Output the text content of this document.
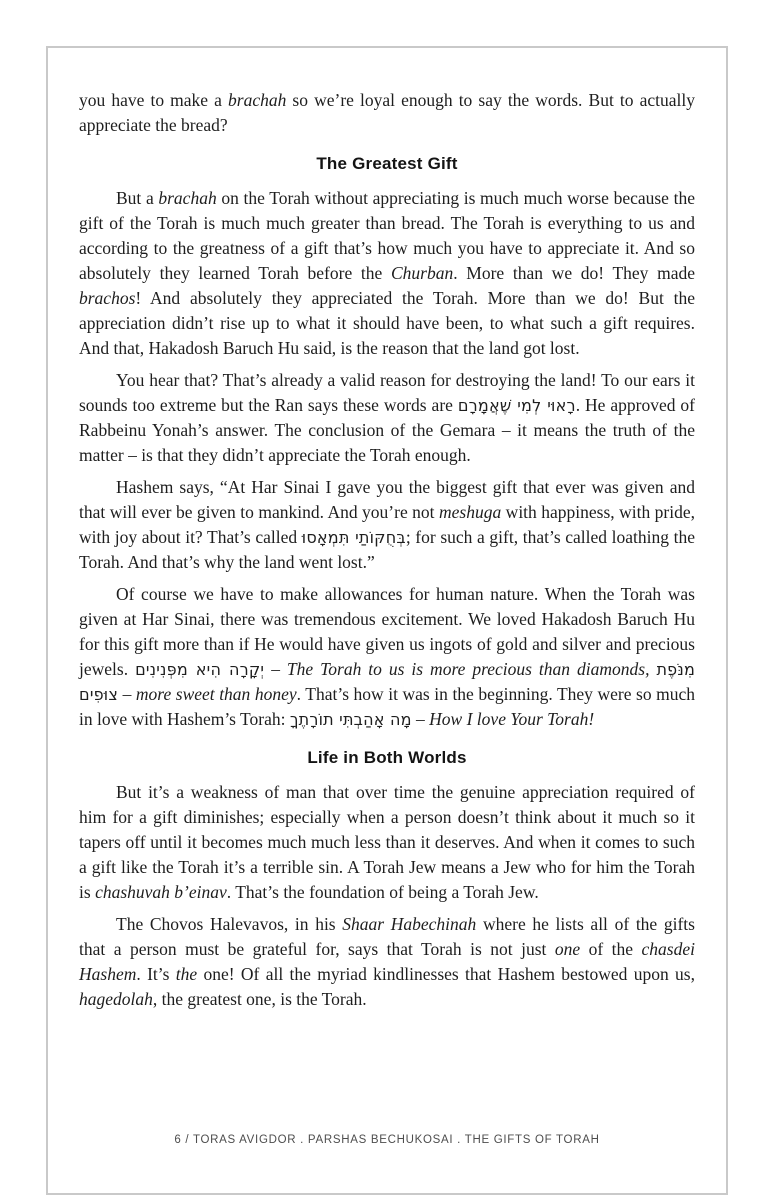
you have to make a brachah so we’re loyal enough to say the words. But to actually appreciate the bread?

The Greatest Gift

But a brachah on the Torah without appreciating is much much worse because the gift of the Torah is much much greater than bread. The Torah is everything to us and according to the greatness of a gift that’s how much you have to appreciate it. And so absolutely they learned Torah before the Churban. More than we do! They made brachos! And absolutely they appreciated the Torah. More than we do! But the appreciation didn’t rise up to what it should have been, to what such a gift requires. And that, Hakadosh Baruch Hu said, is the reason that the land got lost.

You hear that? That’s already a valid reason for destroying the land! To our ears it sounds too extreme but the Ran says these words are רָאוּי לְמִי שֶׁאֲמָרָם. He approved of Rabbeinu Yonah’s answer. The conclusion of the Gemara – it means the truth of the matter – is that they didn’t appreciate the Torah enough.

Hashem says, “At Har Sinai I gave you the biggest gift that ever was given and that will ever be given to mankind. And you’re not meshuga with happiness, with pride, with joy about it? That’s called בְּחֻקּוֹתַי תִּמְאָסוּ; for such a gift, that’s called loathing the Torah. And that’s why the land went lost.”

Of course we have to make allowances for human nature. When the Torah was given at Har Sinai, there was tremendous excitement. We loved Hakadosh Baruch Hu for this gift more than if He would have given us ingots of gold and silver and precious jewels. יְקָרָה הִיא מִפְּנִינִים – The Torah to us is more precious than diamonds, מִנֹּפֶת צוּפִים – more sweet than honey. That’s how it was in the beginning. They were so much in love with Hashem’s Torah: מָה אָהַבְתִּי תוֹרָתֶךָ – How I love Your Torah!

Life in Both Worlds

But it’s a weakness of man that over time the genuine appreciation required of him for a gift diminishes; especially when a person doesn’t think about it much so it tapers off until it becomes much much less than it deserves. And when it comes to such a gift like the Torah it’s a terrible sin. A Torah Jew means a Jew who for him the Torah is chashuvah b’einav. That’s the foundation of being a Torah Jew.

The Chovos Halevavos, in his Shaar Habechinah where he lists all of the gifts that a person must be grateful for, says that Torah is not just one of the chasdei Hashem. It’s the one! Of all the myriad kindlinesses that Hashem bestowed upon us, hagedolah, the greatest one, is the Torah.

6 / TORAS AVIGDOR . PARSHAS BECHUKOSAI . THE GIFTS OF TORAH
